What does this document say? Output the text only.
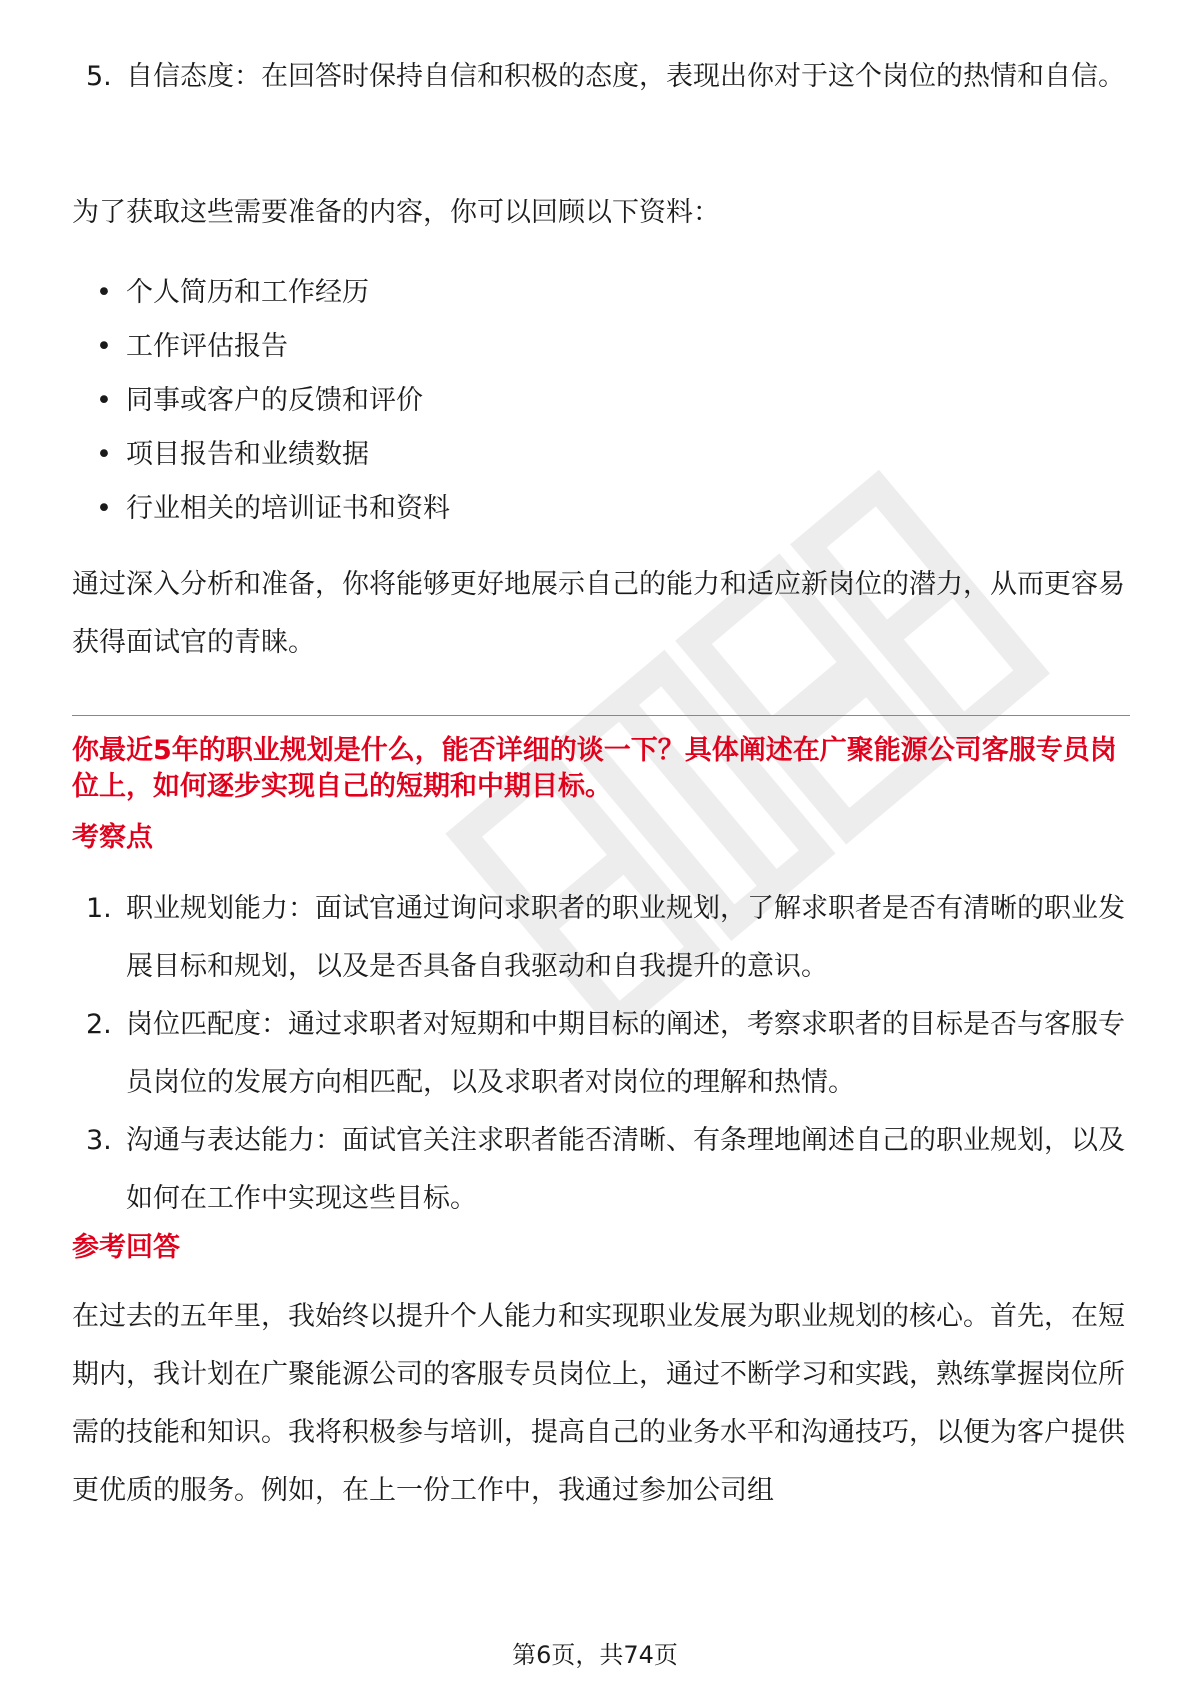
5. 自信态度：在回答时保持自信和积极的态度，表现出你对于这个岗位的热情和自信。

为了获取这些需要准备的内容，你可以回顾以下资料：

• 个人简历和工作经历
• 工作评估报告
• 同事或客户的反馈和评价
• 项目报告和业绩数据
• 行业相关的培训证书和资料

通过深入分析和准备，你将能够更好地展示自己的能力和适应新岗位的潜力，从而更容易获得面试官的青睐。

你最近5年的职业规划是什么，能否详细的谈一下？具体阐述在广聚能源公司客服专员岗位上，如何逐步实现自己的短期和中期目标。

考察点

1. 职业规划能力：面试官通过询问求职者的职业规划，了解求职者是否有清晰的职业发展目标和规划，以及是否具备自我驱动和自我提升的意识。
2. 岗位匹配度：通过求职者对短期和中期目标的阐述，考察求职者的目标是否与客服专员岗位的发展方向相匹配，以及求职者对岗位的理解和热情。
3. 沟通与表达能力：面试官关注求职者能否清晰、有条理地阐述自己的职业规划，以及如何在工作中实现这些目标。

参考回答

在过去的五年里，我始终以提升个人能力和实现职业发展为职业规划的核心。首先，在短期内，我计划在广聚能源公司的客服专员岗位上，通过不断学习和实践，熟练掌握岗位所需的技能和知识。我将积极参与培训，提高自己的业务水平和沟通技巧，以便为客户提供更优质的服务。例如，在上一份工作中，我通过参加公司组

第6页，共74页
